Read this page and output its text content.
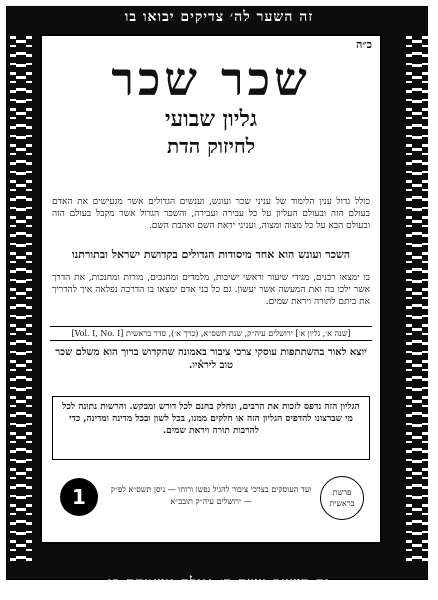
זה השער לה׳ צדיקים יבואו בו
זה השער עשה ה׳ נגילה ונשמחה בו
כ״ה
שכר שכר
גליון שבועי
לחיזוק הדת
כולל גדול ענין הלימוד של עניני שכר ועונש, וענשים הגדולים אשר מגעישים את האדם בעולם הזה ובעולם העליון על כל עבירה ועבירה, והשכר הגדול אשר מקבל בעולם הזה ובעולם הבא על כל מצוה ומצוה, ועניני יראת השם ואהבת השם.
השכר ועונש הוא אחד מיסודות הגדולים בקדושת ישראל ובתורתנו
בו ימצאו רבנים, מגידי שיעור וראשי ישיבות, מלמדים ומחנכים, מורות ומחנכות, את הדרך אשר ילכו בה ואת המעשה אשר יעשון. גם כל בני אדם ימצאו בו הדרכה נפלאה איך להדריך את ביתם לתורה ויראת שמים.
[שנה א׳, גליון א׳] ירושלים עיה״ק, שנת תשס״א, (כרך א׳), סדר בראשית [Vol. I, No. I]
יוצא לאור בהשתתפות עוסקי צרכי ציבור באמונה שהקדוש ברוך הוא משלם שכר טוב לירא֯יו.
הגליון הזה נדפס לזכות את הרבים, ונחלק בחנם לכל דורש ומבקש. והרשות נתונה לכל מי שברצונו להדפיס הגליון הזה או חלקים ממנו, בכל לשון ובכל מדינה ומדינה, כדי להרבות תורה ויראת שמים.
1	ועד העוסקים בצרכי ציבור להגיל נפשו ורוחו — ניסן תשס״א לפ״ק — ירושלים עיה״ק תובב״א
פרשת בראשית
